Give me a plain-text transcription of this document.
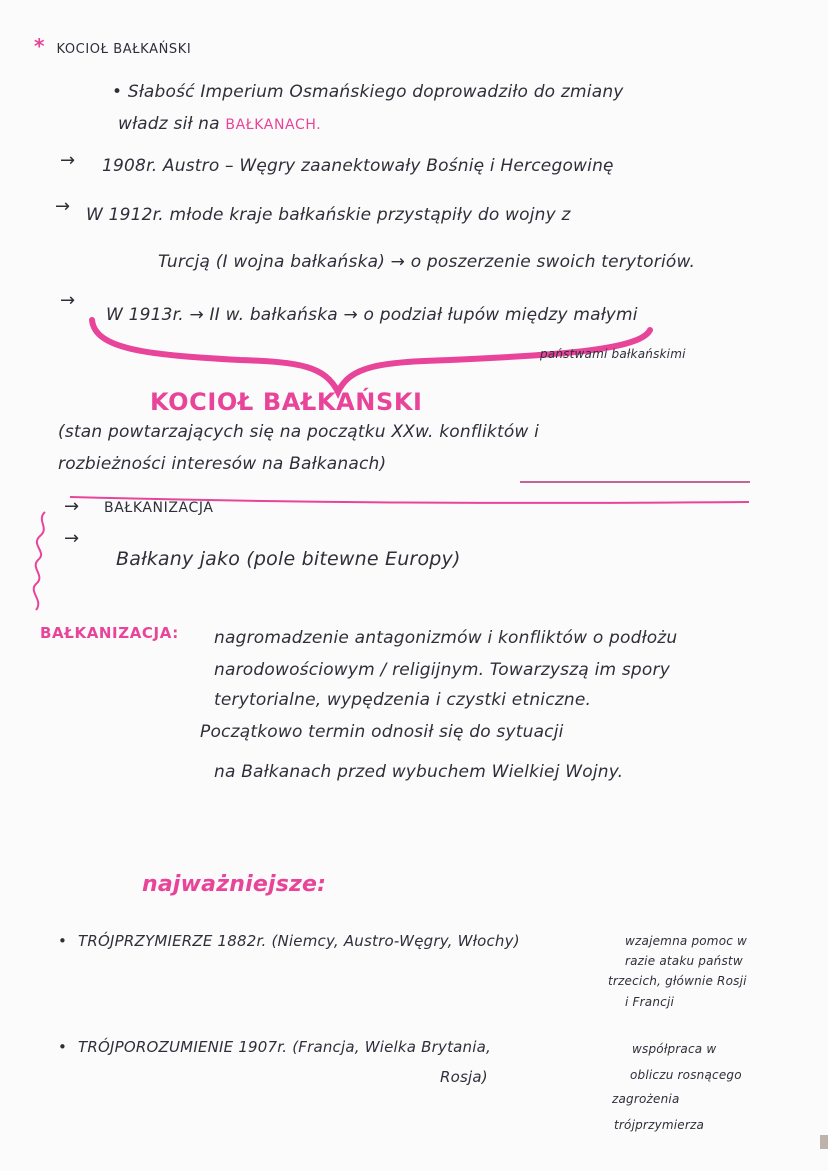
* KOCIOŁ BAŁKAŃSKI
• Słabość Imperium Osmańskiego doprowadziło do zmiany
władz sił na BAŁKANACH.
→ 1908r. Austro – Węgry zaanektowały Bośnię i Hercegowinę
→ W 1912r. młode kraje bałkańskie przystąpiły do wojny z
Turcją (I wojna bałkańska) → o poszerzenie swoich terytoriów.
→
W 1913r. → II w. bałkańska → o podział łupów między małymi
państwami bałkańskimi
KOCIOŁ BAŁKAŃSKI
(stan powtarzających się na początku XXw. konfliktów i
rozbieżności interesów na Bałkanach)
→ BAŁKANIZACJA
→
Bałkany jako (pole bitewne Europy)
BAŁKANIZACJA: nagromadzenie antagonizmów i konfliktów o podłożu
narodowościowym / religijnym. Towarzyszą im spory
terytorialne, wypędzenia i czystki etniczne.
Początkowo termin odnosił się do sytuacji
na Bałkanach przed wybuchem Wielkiej Wojny.
najważniejsze:
• TRÓJPRZYMIERZE 1882r. (Niemcy, Austro-Węgry, Włochy)	wzajemna pomoc w
razie ataku państw
trzecich, głównie Rosji
i Francji
• TRÓJPOROZUMIENIE 1907r. (Francja, Wielka Brytania,
Rosja)
współpraca w
obliczu rosnącego
zagrożenia
trójprzymierza
